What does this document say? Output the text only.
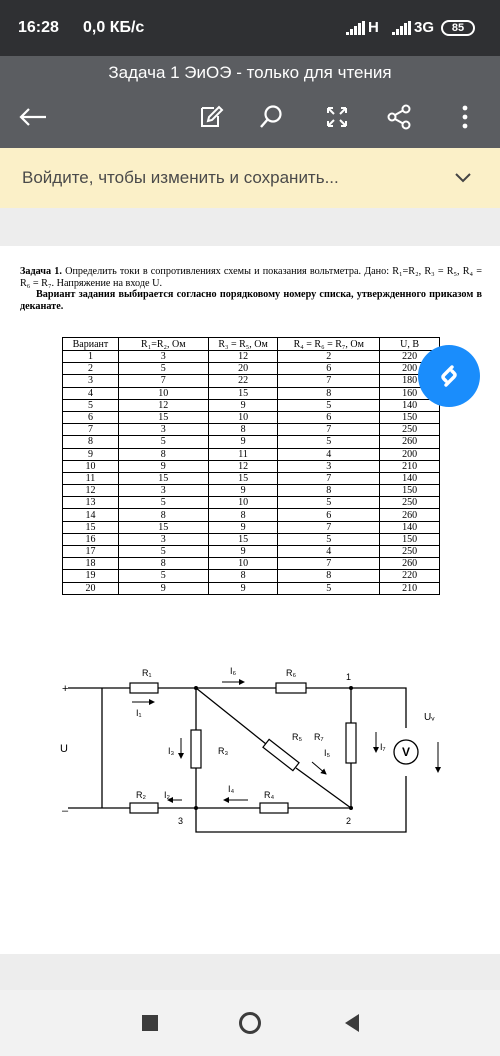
16:28 0,0 КБ/с	H 3G	85
Задача 1 ЭиОЭ - только для чтения
Войдите, чтобы изменить и сохранить...

Задача 1. Определить токи в сопротивлениях схемы и показания вольтметра. Дано: R₁=R₂, R₃ = R₅, R₄ = R₆ = R₇. Напряжение на входе U.

Вариант задания выбирается согласно порядковому номеру списка, утвержденного приказом в деканате.

Вариант	R₁=R₂, Ом	R₃ = R₅, Ом	R₄ = R₆ = R₇, Ом	U, В
1	3	12	2	220
2	5	20	6	200
3	7	22	7	180
4	10	15	8	160
5	12	9	5	140
6	15	10	6	150
7	3	8	7	250
8	5	9	5	260
9	8	11	4	200
10	9	12	3	210
11	15	15	7	140
12	3	9	8	150
13	5	10	5	250
14	8	8	6	260
15	15	9	7	140
16	3	15	5	150
17	5	9	4	250
18	8	10	7	260
19	5	8	8	220
20	9	9	5	210
V
R₁	R₆
R₂	R₄
R₃
R₅ R₇
I₁
I₂
I₃
I₄
I₅
I₆
I₇
+
–
U
Uᵥ
1
2
3
